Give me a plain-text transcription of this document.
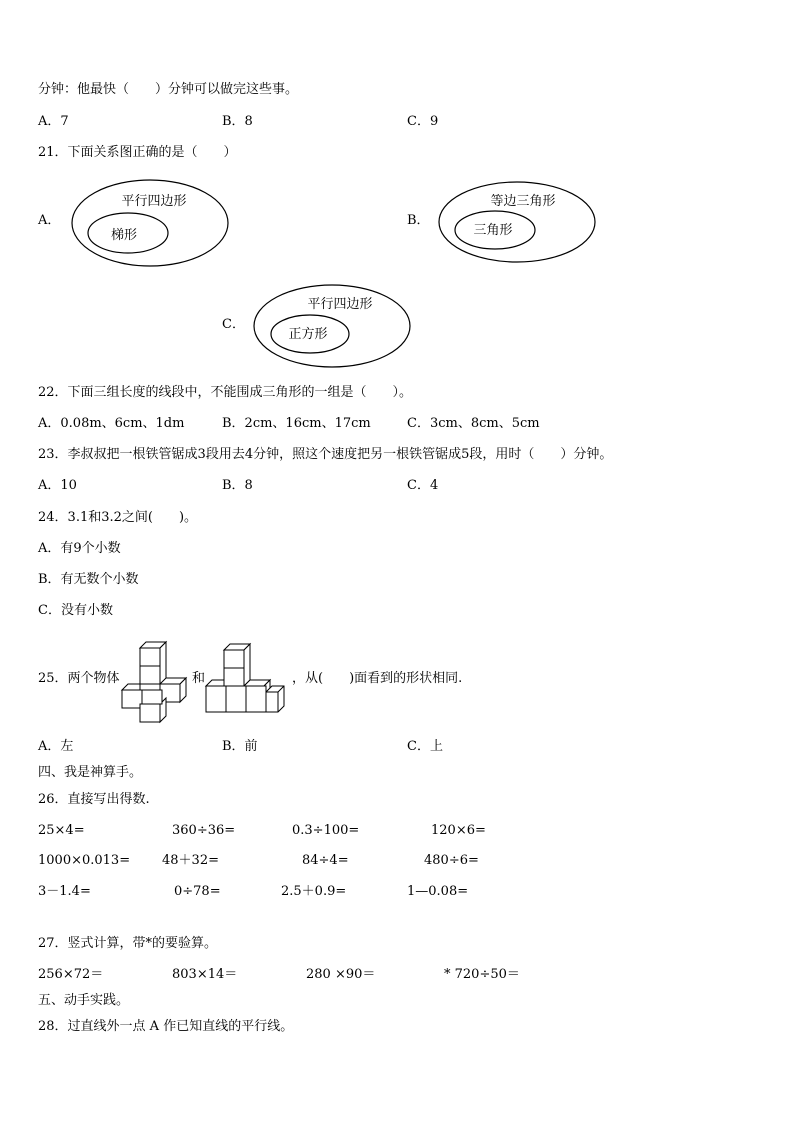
分钟：他最快（　　）分钟可以做完这些事。
A．7	B．8	C．9
21．下面关系图正确的是（　　）
A．
平行四边形
梯形
B．
等边三角形
三角形
C．
平行四边形
正方形
22．下面三组长度的线段中，不能围成三角形的一组是（　　）。
A．0.08m、6cm、1dm	B．2cm、16cm、17cm	C．3cm、8cm、5cm
23．李叔叔把一根铁管锯成3段用去4分钟，照这个速度把另一根铁管锯成5段，用时（　　）分钟。
A．10	B．8	C．4
24．3.1和3.2之间(　　)。
A．有9个小数
B．有无数个小数
C．没有小数
25．两个物体	和	，从(　　)面看到的形状相同.
A．左	B．前	C．上
四、我是神算手。
26．直接写出得数.
25×4=	360÷36=	0.3÷100=	120×6=
1000×0.013= 48＋32=	84÷4=	480÷6=
3－1.4=	0÷78=	2.5＋0.9=	1—0.08=
27．竖式计算，带*的要验算。
256×72＝	803×14＝	280 ×90＝	* 720÷50＝
五、动手实践。
28．过直线外一点 A 作已知直线的平行线。
